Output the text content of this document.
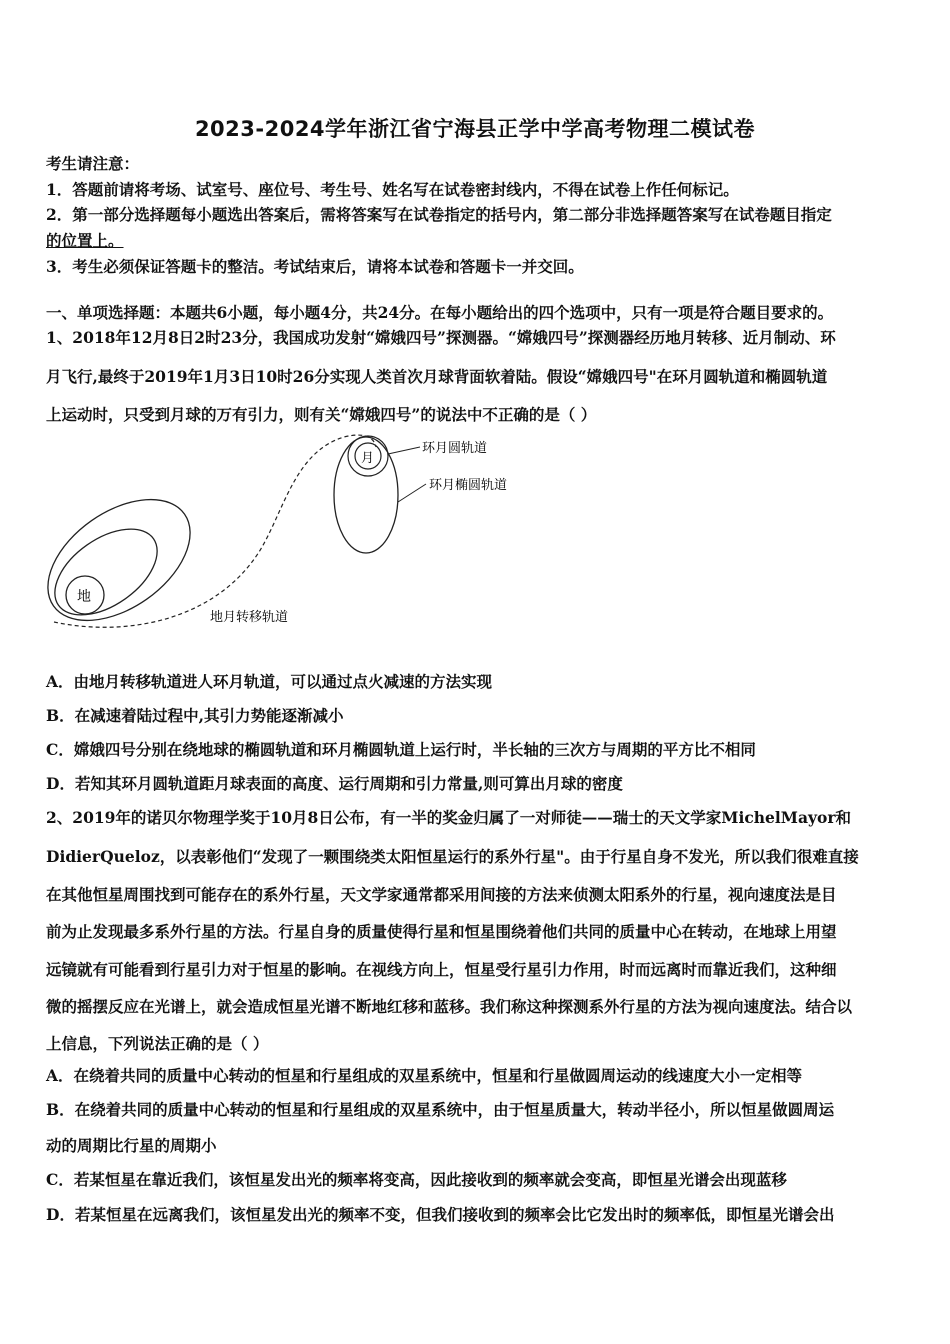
2023-2024学年浙江省宁海县正学中学高考物理二模试卷
考生请注意：
1．答题前请将考场、试室号、座位号、考生号、姓名写在试卷密封线内，不得在试卷上作任何标记。
2．第一部分选择题每小题选出答案后，需将答案写在试卷指定的括号内，第二部分非选择题答案写在试卷题目指定
的位置上。
3．考生必须保证答题卡的整洁。考试结束后，请将本试卷和答题卡一并交回。
一、单项选择题：本题共6小题，每小题4分，共24分。在每小题给出的四个选项中，只有一项是符合题目要求的。
1、2018年12月8日2时23分，我国成功发射“嫦娥四号”探测器。“嫦娥四号”探测器经历地月转移、近月制动、环
月飞行,最终于2019年1月3日10时26分实现人类首次月球背面软着陆。假设“嫦娥四号"在环月圆轨道和椭圆轨道
上运动时，只受到月球的万有引力，则有关“嫦娥四号”的说法中不正确的是（ ）
地
月
环月圆轨道
环月椭圆轨道
地月转移轨道
A．由地月转移轨道进人环月轨道，可以通过点火减速的方法实现
B．在减速着陆过程中,其引力势能逐渐减小
C．嫦娥四号分别在绕地球的椭圆轨道和环月椭圆轨道上运行时，半长轴的三次方与周期的平方比不相同
D．若知其环月圆轨道距月球表面的高度、运行周期和引力常量,则可算出月球的密度
2、2019年的诺贝尔物理学奖于10月8日公布，有一半的奖金归属了一对师徒——瑞士的天文学家MichelMayor和
DidierQueloz，以表彰他们“发现了一颗围绕类太阳恒星运行的系外行星"。由于行星自身不发光，所以我们很难直接
在其他恒星周围找到可能存在的系外行星，天文学家通常都采用间接的方法来侦测太阳系外的行星，视向速度法是目
前为止发现最多系外行星的方法。行星自身的质量使得行星和恒星围绕着他们共同的质量中心在转动，在地球上用望
远镜就有可能看到行星引力对于恒星的影响。在视线方向上，恒星受行星引力作用，时而远离时而靠近我们，这种细
微的摇摆反应在光谱上，就会造成恒星光谱不断地红移和蓝移。我们称这种探测系外行星的方法为视向速度法。结合以
上信息，下列说法正确的是（ ）
A．在绕着共同的质量中心转动的恒星和行星组成的双星系统中，恒星和行星做圆周运动的线速度大小一定相等
B．在绕着共同的质量中心转动的恒星和行星组成的双星系统中，由于恒星质量大，转动半径小，所以恒星做圆周运
动的周期比行星的周期小
C．若某恒星在靠近我们，该恒星发出光的频率将变高，因此接收到的频率就会变高，即恒星光谱会出现蓝移
D．若某恒星在远离我们，该恒星发出光的频率不变，但我们接收到的频率会比它发出时的频率低，即恒星光谱会出
